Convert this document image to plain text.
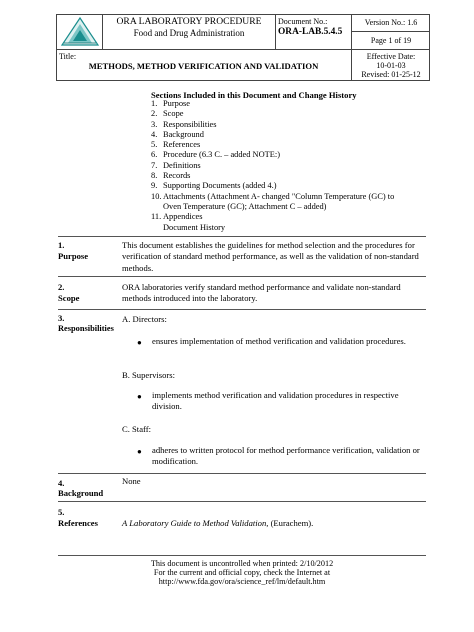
ORA LABORATORY PROCEDURE
Food and Drug Administration
Document No.:
ORA-LAB.5.4.5
Version No.: 1.6
Page 1 of 19
Title:
METHODS, METHOD VERIFICATION AND VALIDATION
Effective Date:
10-01-03
Revised: 01-25-12
Sections Included in this Document and Change History
1. Purpose
2. Scope
3. Responsibilities
4. Background
5. References
6. Procedure (6.3 C. – added NOTE:)
7. Definitions
8. Records
9. Supporting Documents (added 4.)
10. Attachments (Attachment A- changed "Column Temperature (GC) to
Oven Temperature (GC); Attachment C – added)
11. Appendices
Document History
1.
Purpose
This document establishes the guidelines for method selection and the procedures for verification of standard method performance, as well as the validation of non-standard methods.
2.
Scope
ORA laboratories verify standard method performance and validate non-standard methods introduced into the laboratory.
3.
Responsibilities
A. Directors:
● ensures implementation of method verification and validation procedures.
B. Supervisors:
● implements method verification and validation procedures in respective division.
C. Staff:
● adheres to written protocol for method performance verification, validation or modification.
4.
Background
None
5.
References	A Laboratory Guide to Method Validation, (Eurachem).
This document is uncontrolled when printed: 2/10/2012
For the current and official copy, check the Internet at
http://www.fda.gov/ora/science_ref/lm/default.htm
